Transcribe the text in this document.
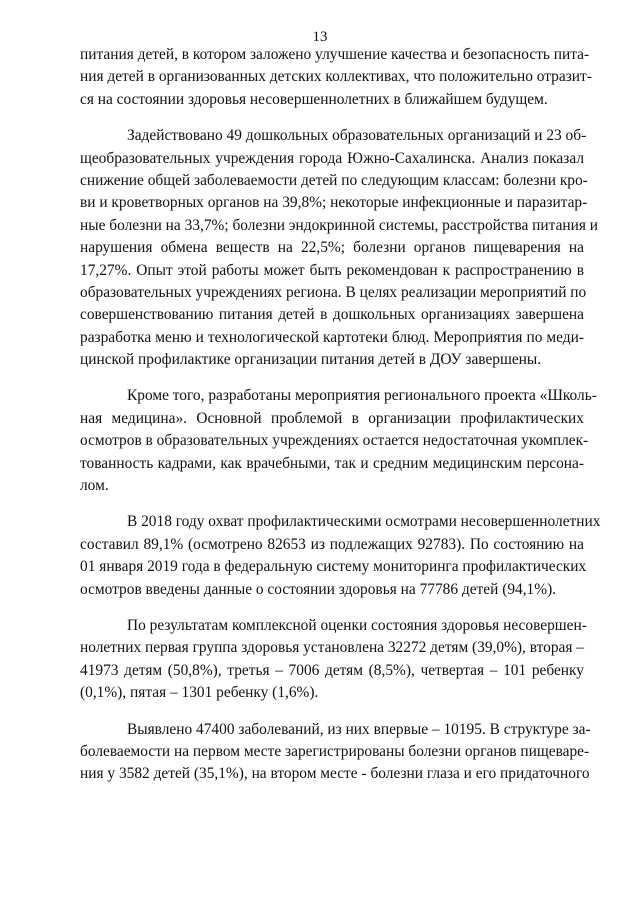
13

питания детей, в котором заложено улучшение качества и безопасность пита-
ния детей в организованных детских коллективах, что положительно отразит-
ся на состоянии здоровья несовершеннолетних в ближайшем будущем.

Задействовано 49 дошкольных образовательных организаций и 23 об-
щеобразовательных учреждения города Южно-Сахалинска. Анализ показал
снижение общей заболеваемости детей по следующим классам: болезни кро-
ви и кроветворных органов на 39,8%; некоторые инфекционные и паразитар-
ные болезни на 33,7%; болезни эндокринной системы, расстройства питания и
нарушения обмена веществ на 22,5%; болезни органов пищеварения на
17,27%. Опыт этой работы может быть рекомендован к распространению в
образовательных учреждениях региона. В целях реализации мероприятий по
совершенствованию питания детей в дошкольных организациях завершена
разработка меню и технологической картотеки блюд. Мероприятия по меди-
цинской профилактике организации питания детей в ДОУ завершены.

Кроме того, разработаны мероприятия регионального проекта «Школь-
ная медицина». Основной проблемой в организации профилактических
осмотров в образовательных учреждениях остается недостаточная укомплек-
тованность кадрами, как врачебными, так и средним медицинским персона-
лом.

В 2018 году охват профилактическими осмотрами несовершеннолетних
составил 89,1% (осмотрено 82653 из подлежащих 92783). По состоянию на
01 января 2019 года в федеральную систему мониторинга профилактических
осмотров введены данные о состоянии здоровья на 77786 детей (94,1%).

По результатам комплексной оценки состояния здоровья несовершен-
нолетних первая группа здоровья установлена 32272 детям (39,0%), вторая –
41973 детям (50,8%), третья – 7006 детям (8,5%), четвертая – 101 ребенку
(0,1%), пятая – 1301 ребенку (1,6%).

Выявлено 47400 заболеваний, из них впервые – 10195. В структуре за-
болеваемости на первом месте зарегистрированы болезни органов пищеваре-
ния у 3582 детей (35,1%), на втором месте - болезни глаза и его придаточного
